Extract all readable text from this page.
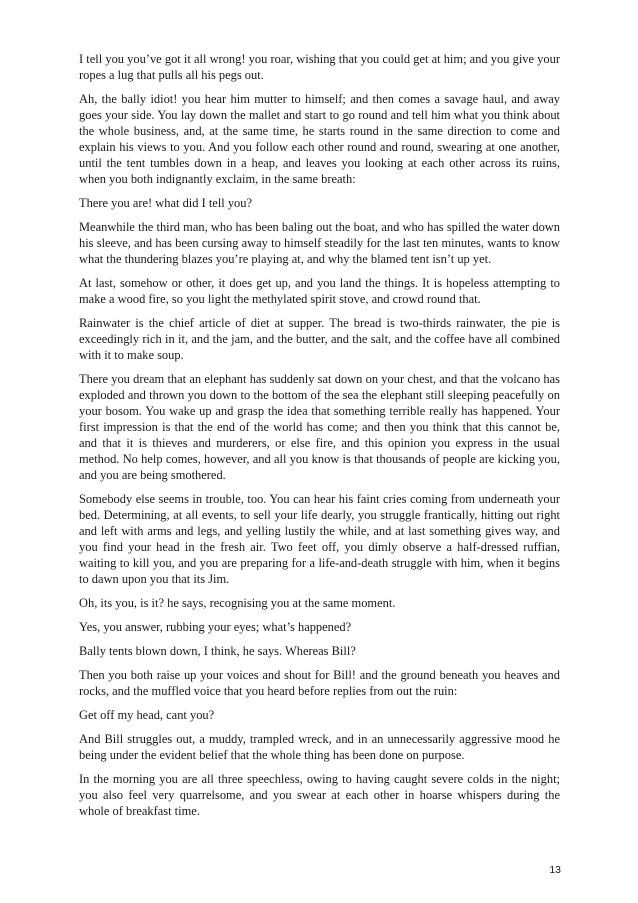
I tell you you’ve got it all wrong! you roar, wishing that you could get at him; and you give your ropes a lug that pulls all his pegs out.

Ah, the bally idiot! you hear him mutter to himself; and then comes a savage haul, and away goes your side. You lay down the mallet and start to go round and tell him what you think about the whole business, and, at the same time, he starts round in the same direction to come and explain his views to you. And you follow each other round and round, swearing at one another, until the tent tumbles down in a heap, and leaves you looking at each other across its ruins, when you both indignantly exclaim, in the same breath:

There you are! what did I tell you?

Meanwhile the third man, who has been baling out the boat, and who has spilled the water down his sleeve, and has been cursing away to himself steadily for the last ten minutes, wants to know what the thundering blazes you’re playing at, and why the blamed tent isn’t up yet.

At last, somehow or other, it does get up, and you land the things. It is hopeless attempting to make a wood fire, so you light the methylated spirit stove, and crowd round that.

Rainwater is the chief article of diet at supper. The bread is two-thirds rainwater, the pie is exceedingly rich in it, and the jam, and the butter, and the salt, and the coffee have all combined with it to make soup.

There you dream that an elephant has suddenly sat down on your chest, and that the volcano has exploded and thrown you down to the bottom of the sea the elephant still sleeping peacefully on your bosom. You wake up and grasp the idea that something terrible really has happened. Your first impression is that the end of the world has come; and then you think that this cannot be, and that it is thieves and murderers, or else fire, and this opinion you express in the usual method. No help comes, however, and all you know is that thousands of people are kicking you, and you are being smothered.

Somebody else seems in trouble, too. You can hear his faint cries coming from underneath your bed. Determining, at all events, to sell your life dearly, you struggle frantically, hitting out right and left with arms and legs, and yelling lustily the while, and at last something gives way, and you find your head in the fresh air. Two feet off, you dimly observe a half-dressed ruffian, waiting to kill you, and you are preparing for a life-and-death struggle with him, when it begins to dawn upon you that its Jim.

Oh, its you, is it? he says, recognising you at the same moment.

Yes, you answer, rubbing your eyes; what’s happened?

Bally tents blown down, I think, he says. Whereas Bill?

Then you both raise up your voices and shout for Bill! and the ground beneath you heaves and rocks, and the muffled voice that you heard before replies from out the ruin:

Get off my head, cant you?

And Bill struggles out, a muddy, trampled wreck, and in an unnecessarily aggressive mood he being under the evident belief that the whole thing has been done on purpose.

In the morning you are all three speechless, owing to having caught severe colds in the night; you also feel very quarrelsome, and you swear at each other in hoarse whispers during the whole of breakfast time.

13
